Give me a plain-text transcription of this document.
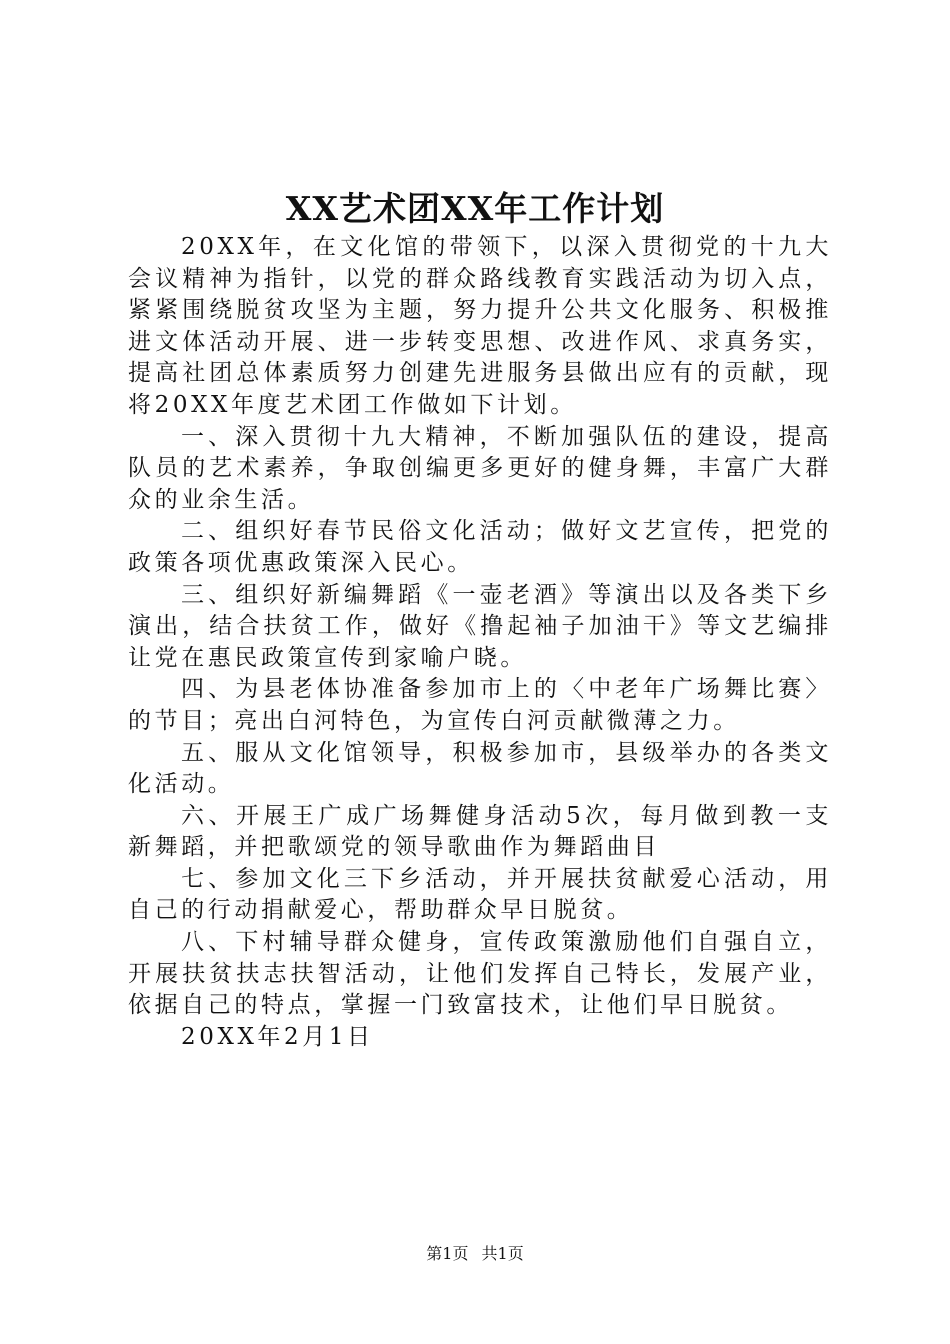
XX艺术团XX年工作计划

20XX年，在文化馆的带领下，以深入贯彻党的十九大会议精神为指针，以党的群众路线教育实践活动为切入点，紧紧围绕脱贫攻坚为主题，努力提升公共文化服务、积极推进文体活动开展、进一步转变思想、改进作风、求真务实，提高社团总体素质努力创建先进服务县做出应有的贡献，现将20XX年度艺术团工作做如下计划。

一、深入贯彻十九大精神，不断加强队伍的建设，提高队员的艺术素养，争取创编更多更好的健身舞，丰富广大群众的业余生活。

二、组织好春节民俗文化活动；做好文艺宣传，把党的政策各项优惠政策深入民心。

三、组织好新编舞蹈《一壶老酒》等演出以及各类下乡演出，结合扶贫工作，做好《撸起袖子加油干》等文艺编排让党在惠民政策宣传到家喻户晓。

四、为县老体协准备参加市上的〈中老年广场舞比赛〉的节目；亮出白河特色，为宣传白河贡献微薄之力。

五、服从文化馆领导，积极参加市，县级举办的各类文化活动。

六、开展王广成广场舞健身活动5次，每月做到教一支新舞蹈，并把歌颂党的领导歌曲作为舞蹈曲目

七、参加文化三下乡活动，并开展扶贫献爱心活动，用自己的行动捐献爱心，帮助群众早日脱贫。

八、下村辅导群众健身，宣传政策激励他们自强自立，开展扶贫扶志扶智活动，让他们发挥自己特长，发展产业，依据自己的特点，掌握一门致富技术，让他们早日脱贫。

20XX年2月1日

第1页 共1页
